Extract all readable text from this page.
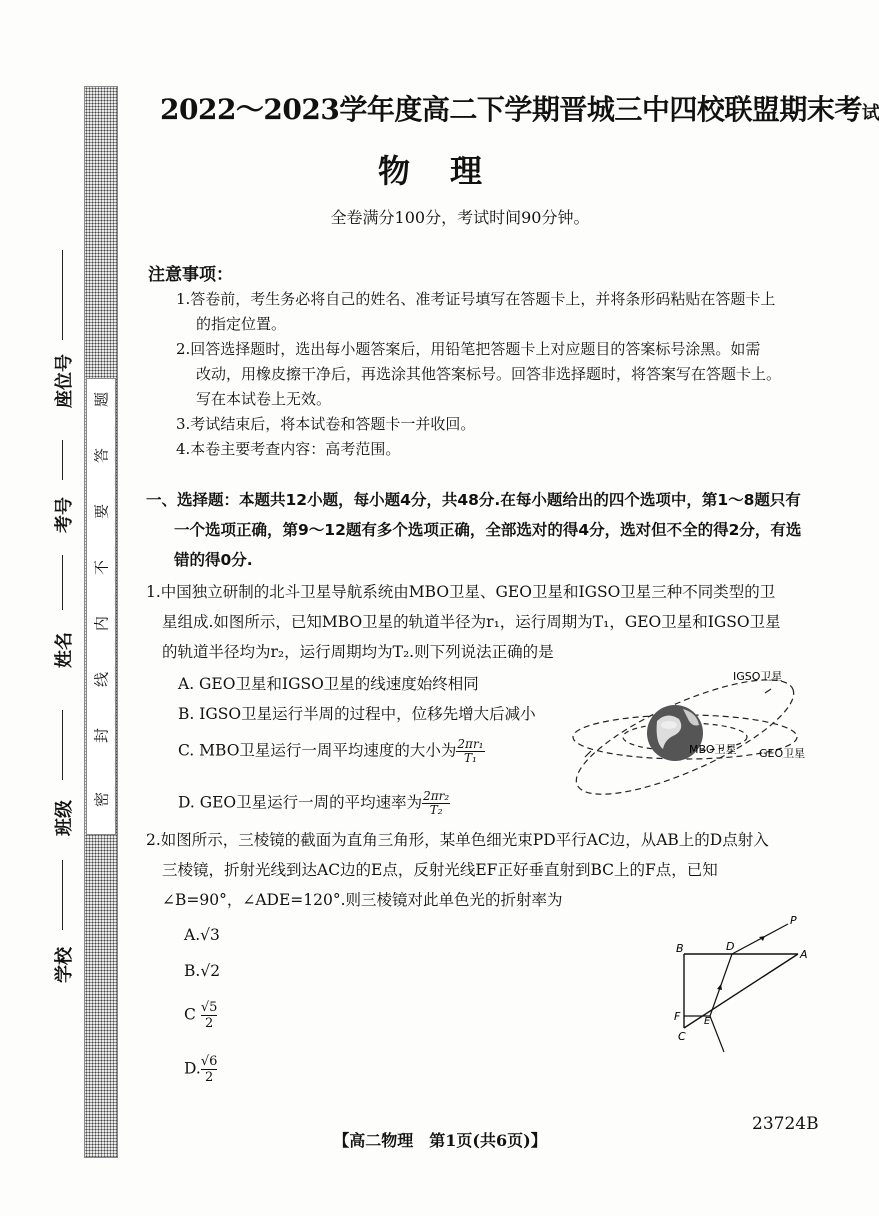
题
答
要
不
内
线
封
密
座位号
考号
姓名
班级
学校
2022～2023学年度高二下学期晋城三中四校联盟期末考试
物理
全卷满分100分，考试时间90分钟。
注意事项：
1.答卷前，考生务必将自己的姓名、准考证号填写在答题卡上，并将条形码粘贴在答题卡上
的指定位置。
2.回答选择题时，选出每小题答案后，用铅笔把答题卡上对应题目的答案标号涂黑。如需
改动，用橡皮擦干净后，再选涂其他答案标号。回答非选择题时，将答案写在答题卡上。
写在本试卷上无效。
3.考试结束后，将本试卷和答题卡一并收回。
4.本卷主要考查内容：高考范围。
一、选择题：本题共12小题，每小题4分，共48分.在每小题给出的四个选项中，第1～8题只有
一个选项正确，第9～12题有多个选项正确，全部选对的得4分，选对但不全的得2分，有选
错的得0分.
1.中国独立研制的北斗卫星导航系统由MBO卫星、GEO卫星和IGSO卫星三种不同类型的卫
星组成.如图所示，已知MBO卫星的轨道半径为r₁，运行周期为T₁，GEO卫星和IGSO卫星
的轨道半径均为r₂，运行周期均为T₂.则下列说法正确的是
A. GEO卫星和IGSO卫星的线速度始终相同
B. IGSO卫星运行半周的过程中，位移先增大后减小
C. MBO卫星运行一周平均速度的大小为 $\frac{\text{2πr₁}}{\text{T₁}}$
D. GEO卫星运行一周的平均速率为 $\frac{\text{2πr₂}}{\text{T₂}}$
IGSO卫星
MBO卫星 GEO卫星
2.如图所示，三棱镜的截面为直角三角形，某单色细光束PD平行AC边，从AB上的D点射入
三棱镜，折射光线到达AC边的E点，反射光线EF正好垂直射到BC上的F点，已知
∠B=90°，∠ADE=120°.则三棱镜对此单色光的折射率为
A.√3
B.√2
C $\frac{√5}{2}$
D. $\frac{√6}{2}$
P
B	D
A
F E
C
23724B
【高二物理　第1页(共6页)】
